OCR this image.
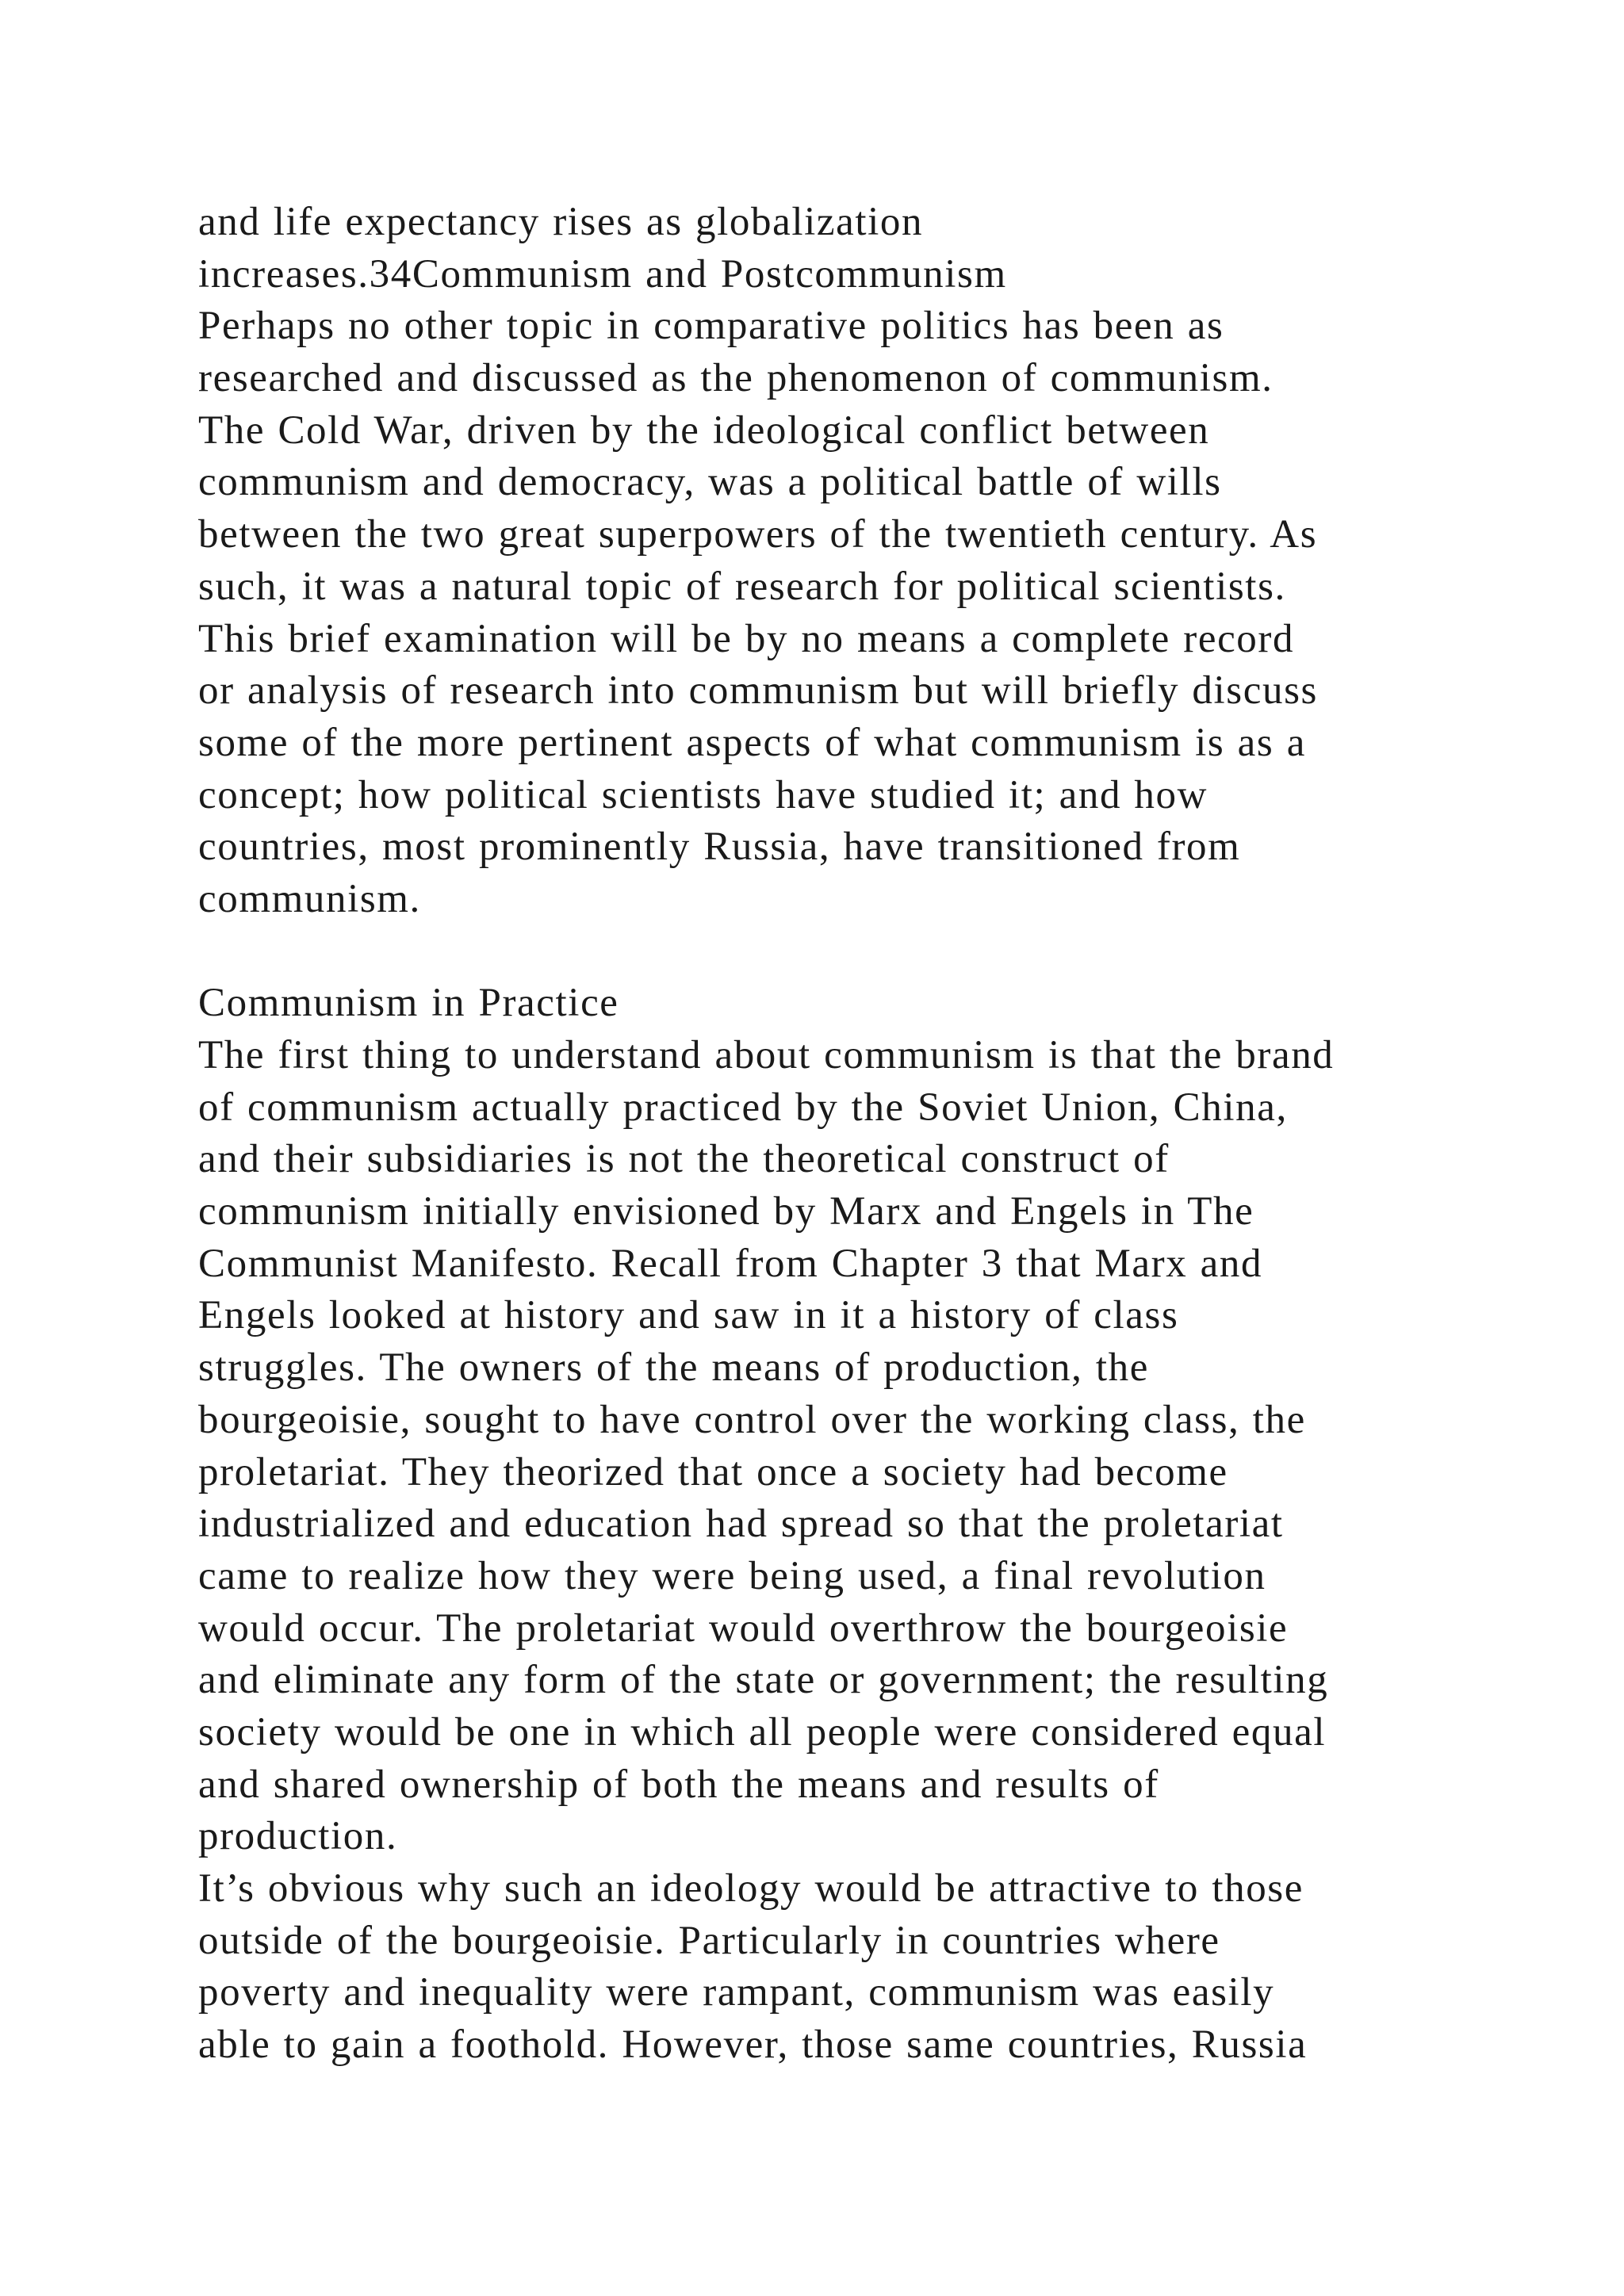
and life expectancy rises as globalization
increases.34Communism and Postcommunism
Perhaps no other topic in comparative politics has been as
researched and discussed as the phenomenon of communism.
The Cold War, driven by the ideological conflict between
communism and democracy, was a political battle of wills
between the two great superpowers of the twentieth century. As
such, it was a natural topic of research for political scientists.
This brief examination will be by no means a complete record
or analysis of research into communism but will briefly discuss
some of the more pertinent aspects of what communism is as a
concept; how political scientists have studied it; and how
countries, most prominently Russia, have transitioned from
communism.
Communism in Practice
The first thing to understand about communism is that the brand
of communism actually practiced by the Soviet Union, China,
and their subsidiaries is not the theoretical construct of
communism initially envisioned by Marx and Engels in The
Communist Manifesto. Recall from Chapter 3 that Marx and
Engels looked at history and saw in it a history of class
struggles. The owners of the means of production, the
bourgeoisie, sought to have control over the working class, the
proletariat. They theorized that once a society had become
industrialized and education had spread so that the proletariat
came to realize how they were being used, a final revolution
would occur. The proletariat would overthrow the bourgeoisie
and eliminate any form of the state or government; the resulting
society would be one in which all people were considered equal
and shared ownership of both the means and results of
production.
It’s obvious why such an ideology would be attractive to those
outside of the bourgeoisie. Particularly in countries where
poverty and inequality were rampant, communism was easily
able to gain a foothold. However, those same countries, Russia
